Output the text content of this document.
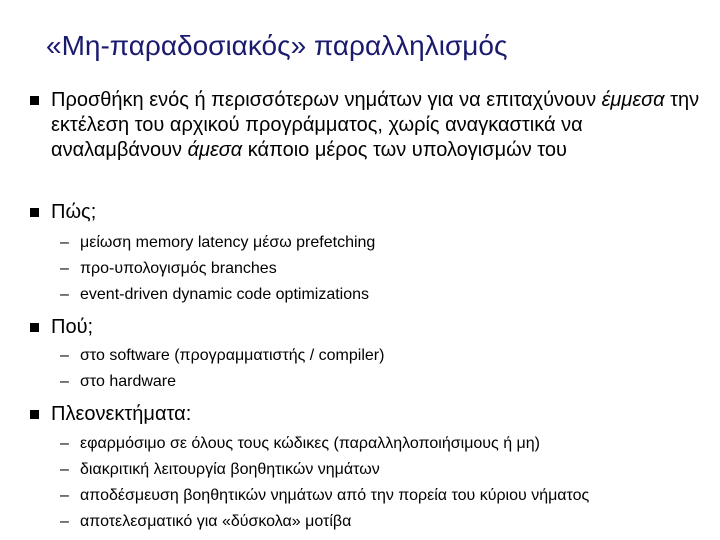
«Μη-παραδοσιακός» παραλληλισμός
Προσθήκη ενός ή περισσότερων νημάτων για να επιταχύνουν έμμεσα την εκτέλεση του αρχικού προγράμματος, χωρίς αναγκαστικά να αναλαμβάνουν άμεσα κάποιο μέρος των υπολογισμών του
Πώς;
– μείωση memory latency μέσω prefetching
– προ-υπολογισμός branches
– event-driven dynamic code optimizations
Πού;
– στο software (προγραμματιστής / compiler)
– στο hardware
Πλεονεκτήματα:
– εφαρμόσιμο σε όλους τους κώδικες (παραλληλοποιήσιμους ή μη)
– διακριτική λειτουργία βοηθητικών νημάτων
– αποδέσμευση βοηθητικών νημάτων από την πορεία του κύριου νήματος
– αποτελεσματικό για «δύσκολα» μοτίβα
